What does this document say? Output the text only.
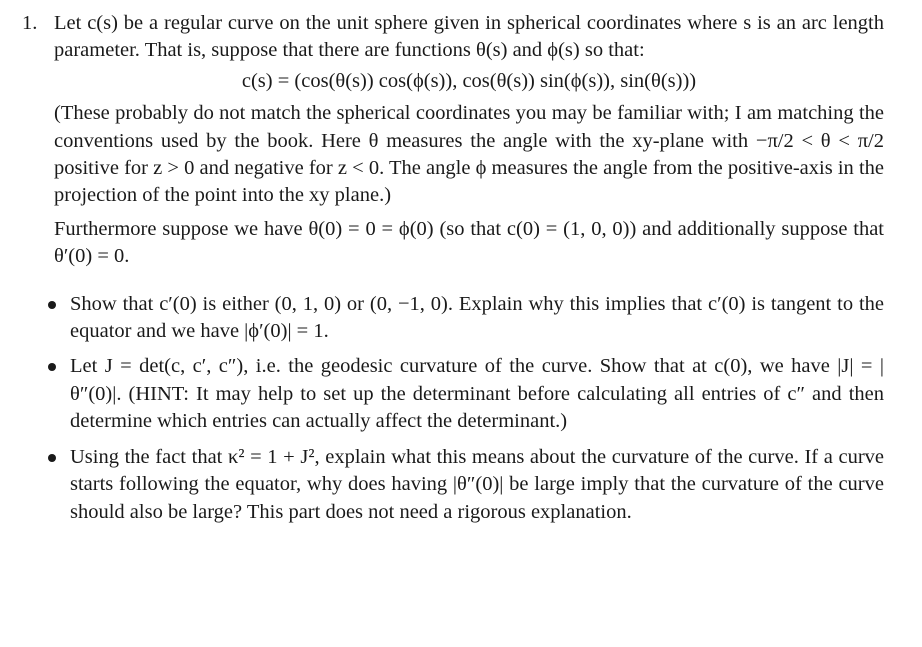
1. Let c(s) be a regular curve on the unit sphere given in spherical coordinates where s is an arc length parameter. That is, suppose that there are functions θ(s) and ϕ(s) so that:

c(s) = (cos(θ(s)) cos(ϕ(s)), cos(θ(s)) sin(ϕ(s)), sin(θ(s)))

(These probably do not match the spherical coordinates you may be familiar with; I am matching the conventions used by the book. Here θ measures the angle with the xy-plane with −π/2 < θ < π/2 positive for z > 0 and negative for z < 0. The angle ϕ measures the angle from the positive-axis in the projection of the point into the xy plane.)

Furthermore suppose we have θ(0) = 0 = ϕ(0) (so that c(0) = (1, 0, 0)) and additionally suppose that θ′(0) = 0.

Show that c′(0) is either (0, 1, 0) or (0, −1, 0). Explain why this implies that c′(0) is tangent to the equator and we have |ϕ′(0)| = 1.
Let J = det(c, c′, c″), i.e. the geodesic curvature of the curve. Show that at c(0), we have |J| = |θ″(0)|. (HINT: It may help to set up the determinant before calculating all entries of c″ and then determine which entries can actually affect the determinant.)
Using the fact that κ² = 1 + J², explain what this means about the curvature of the curve. If a curve starts following the equator, why does having |θ″(0)| be large imply that the curvature of the curve should also be large? This part does not need a rigorous explanation.
